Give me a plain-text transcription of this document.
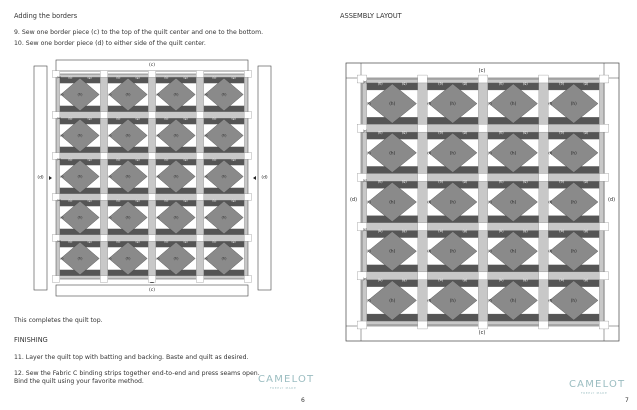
Adding the borders
9. Sew one border piece (c) to the top of the quilt center and one to the bottom.
10. Sew one border piece (d) to either side of the quilt center.
(c)
(c)
(d)	(d)
(h)
(b)	(g)
(f)	(h)
(b)	(g)
(f)	(h)
(b)	(g)
(f)	(h)
(b)	(g)
(f)
(h)
(b)	(g)
(f)	(h)
(b)	(g)
(f)	(h)
(b)	(g)
(f)	(h)
(b)	(g)
(f)
(h)
(b)	(g)
(f)	(h)
(b)	(g)
(f)	(h)
(b)	(g)
(f)	(h)
(b)	(g)
(f)
(h)
(b)	(g)
(f)	(h)
(b)	(g)
(f)	(h)
(b)	(g)
(f)	(h)
(b)	(g)
(f)
(h)
(b)	(g)
(f)	(h)
(b)	(g)
(f)	(h)
(b)	(g)
(f)	(h)
(b)	(g)
(f)
(e)
(e)
(e)
(e)
(e)
This completes the quilt top.
FINISHING
11. Layer the quilt top with batting and backing. Baste and quilt as desired.
12. Sew the Fabric C binding strips together end-to-end and press seams open.
Bind the quilt using your favorite method.	CAMELOT
FREELY MADE
6
ASSEMBLY LAYOUT
(c)
(c)
(d)	(d)
(h)
(b)	(g)
(f)	(h)
(b)	(g)
(f)	(h)
(b)	(g)
(f)	(h)
(b)	(g)
(f)
(h)
(b)	(g)
(f)	(h)
(b)	(g)
(f)	(h)
(b)	(g)
(f)	(h)
(b)	(g)
(f)
(h)
(b)	(g)
(f)	(h)
(b)	(g)
(f)	(h)
(b)	(g)
(f)	(h)
(b)	(g)
(f)
(h)
(b)	(g)
(f)	(h)
(b)	(g)
(f)	(h)
(b)	(g)
(f)	(h)
(b)	(g)
(f)
(h)
(b)	(g)
(f)	(h)
(b)	(g)
(f)	(h)
(b)	(g)
(f)	(h)
(b)	(g)
(f)
(e)
(e)
(e)
(e)
(e)
CAMELOT
FREELY MADE
7
